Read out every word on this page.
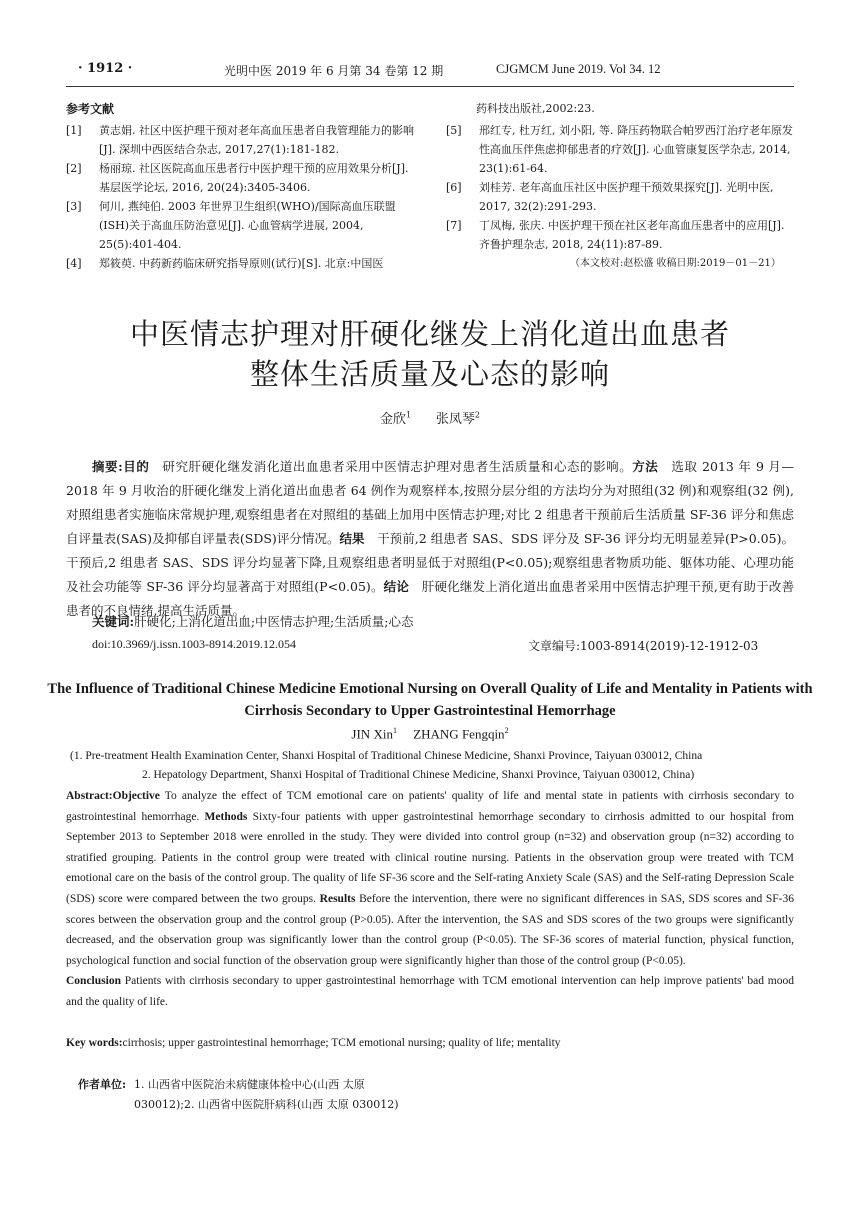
· 1912 ·	光明中医 2019 年 6 月第 34 卷第 12 期	CJGMCM June 2019. Vol 34. 12
参考文献
[1]	黄志娟. 社区中医护理干预对老年高血压患者自我管理能力的影响[J]. 深圳中西医结合杂志, 2017,27(1):181-182.
[2]	杨丽琼. 社区医院高血压患者行中医护理干预的应用效果分析[J]. 基层医学论坛, 2016, 20(24):3405-3406.
[3]	何川, 燕纯伯. 2003 年世界卫生组织(WHO)/国际高血压联盟(ISH)关于高血压防治意见[J]. 心血管病学进展, 2004, 25(5):401-404.
[4]	郑筱萸. 中药新药临床研究指导原则(试行)[S]. 北京:中国医
药科技出版社,2002:23.
[5]	邢红专, 杜万红, 刘小阳, 等. 降压药物联合帕罗西汀治疗老年原发性高血压伴焦虑抑郁患者的疗效[J]. 心血管康复医学杂志, 2014, 23(1):61-64.
[6]	刘桂芳. 老年高血压社区中医护理干预效果探究[J]. 光明中医, 2017, 32(2):291-293.
[7]	丁凤梅, 张庆. 中医护理干预在社区老年高血压患者中的应用[J]. 齐鲁护理杂志, 2018, 24(11):87-89.
（本文校对:赵松盛 收稿日期:2019－01－21）
中医情志护理对肝硬化继发上消化道出血患者
整体生活质量及心态的影响
金欣$^1$ 张凤琴$^2$
摘要:目的　研究肝硬化继发消化道出血患者采用中医情志护理对患者生活质量和心态的影响。方法　选取 2013 年 9 月—2018 年 9 月收治的肝硬化继发上消化道出血患者 64 例作为观察样本,按照分层分组的方法均分为对照组(32 例)和观察组(32 例),对照组患者实施临床常规护理,观察组患者在对照组的基础上加用中医情志护理;对比 2 组患者干预前后生活质量 SF-36 评分和焦虑自评量表(SAS)及抑郁自评量表(SDS)评分情况。结果　干预前,2 组患者 SAS、SDS 评分及 SF-36 评分均无明显差异(P>0.05)。干预后,2 组患者 SAS、SDS 评分均显著下降,且观察组患者明显低于对照组(P<0.05);观察组患者物质功能、躯体功能、心理功能及社会功能等 SF-36 评分均显著高于对照组(P<0.05)。结论　肝硬化继发上消化道出血患者采用中医情志护理干预,更有助于改善患者的不良情绪,提高生活质量。
关键词:肝硬化;上消化道出血;中医情志护理;生活质量;心态
doi:10.3969/j.issn.1003-8914.2019.12.054	文章编号:1003-8914(2019)-12-1912-03
The Influence of Traditional Chinese Medicine Emotional Nursing on Overall Quality of Life and Mentality in Patients with Cirrhosis Secondary to Upper Gastrointestinal Hemorrhage
JIN Xin$^1$ ZHANG Fengqin$^2$
(1. Pre-treatment Health Examination Center, Shanxi Hospital of Traditional Chinese Medicine, Shanxi Province, Taiyuan 030012, China
2. Hepatology Department, Shanxi Hospital of Traditional Chinese Medicine, Shanxi Province, Taiyuan 030012, China)
Abstract:Objective To analyze the effect of TCM emotional care on patients' quality of life and mental state in patients with cirrhosis secondary to gastrointestinal hemorrhage. Methods Sixty-four patients with upper gastrointestinal hemorrhage secondary to cirrhosis admitted to our hospital from September 2013 to September 2018 were enrolled in the study. They were divided into control group (n=32) and observation group (n=32) according to stratified grouping. Patients in the control group were treated with clinical routine nursing. Patients in the observation group were treated with TCM emotional care on the basis of the control group. The quality of life SF-36 score and the Self-rating Anxiety Scale (SAS) and the Self-rating Depression Scale (SDS) score were compared between the two groups. Results Before the intervention, there were no significant differences in SAS, SDS scores and SF-36 scores between the observation group and the control group (P>0.05). After the intervention, the SAS and SDS scores of the two groups were significantly decreased, and the observation group was significantly lower than the control group (P<0.05). The SF-36 scores of material function, physical function, psychological function and social function of the observation group were significantly higher than those of the control group (P<0.05).
Conclusion Patients with cirrhosis secondary to upper gastrointestinal hemorrhage with TCM emotional intervention can help improve patients' bad mood and the quality of life.
Key words:cirrhosis; upper gastrointestinal hemorrhage; TCM emotional nursing; quality of life; mentality
作者单位: 1. 山西省中医院治未病健康体检中心(山西 太原
030012);2. 山西省中医院肝病科(山西 太原 030012)
